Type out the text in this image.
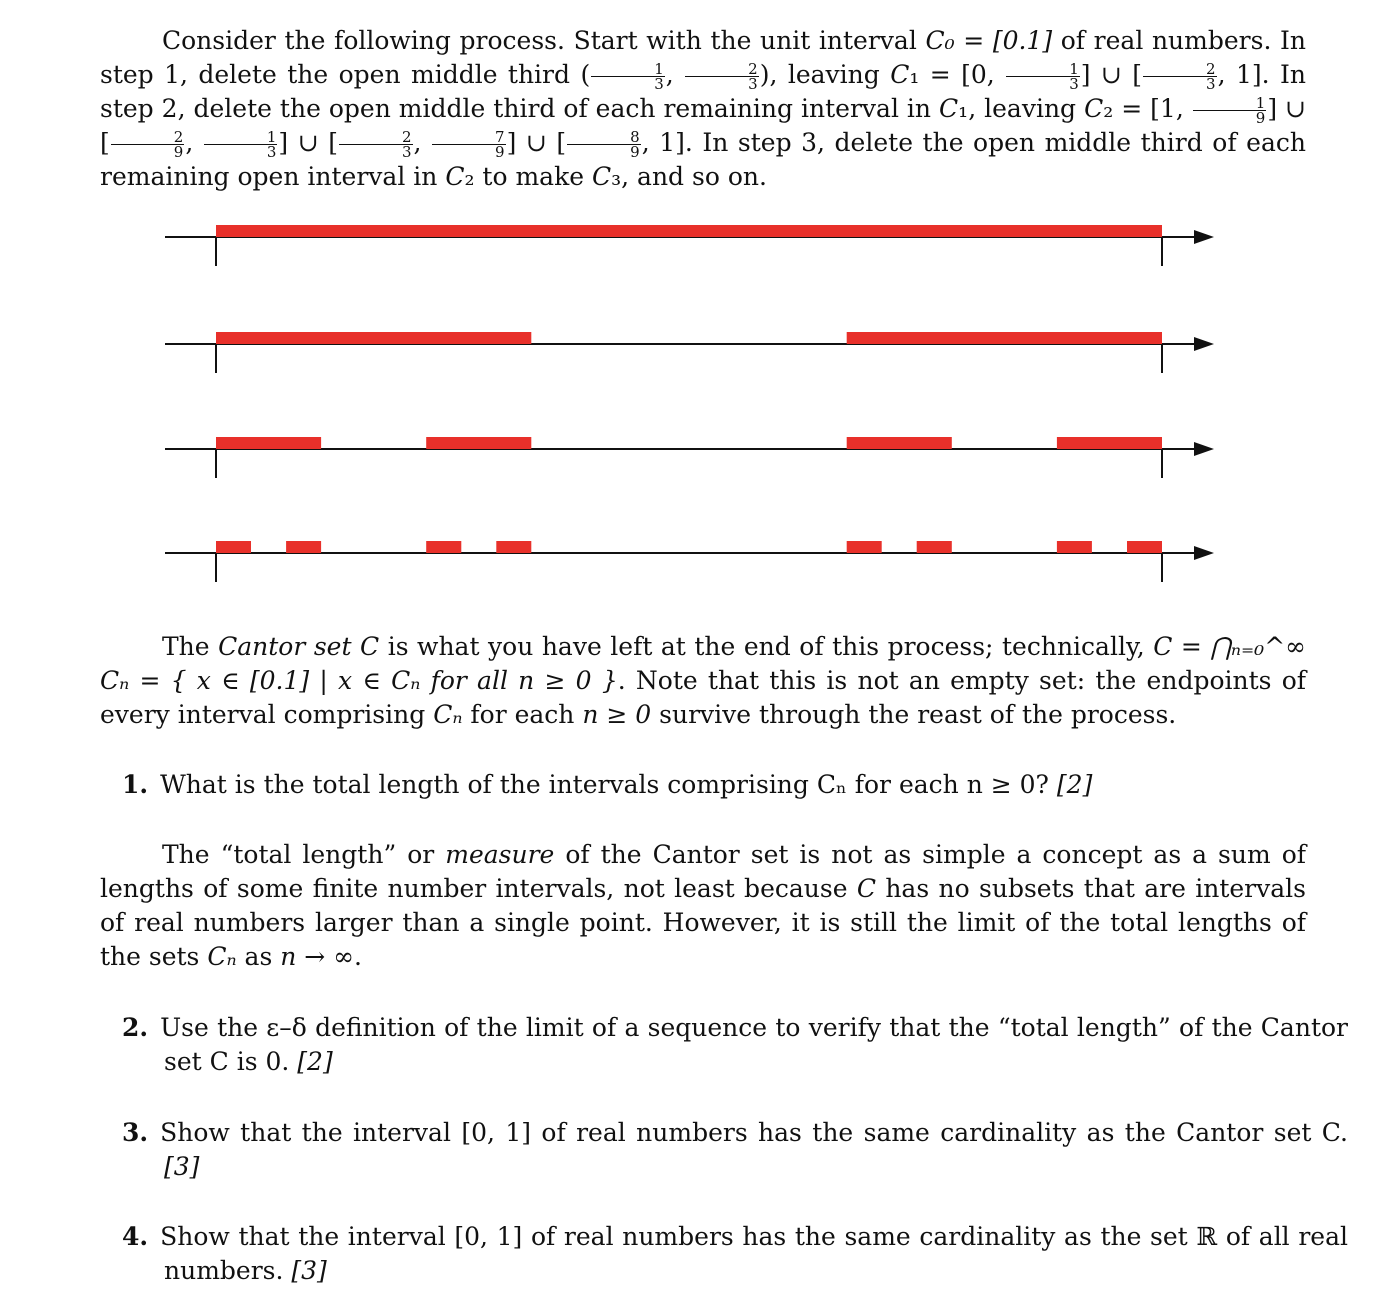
Consider the following process. Start with the unit interval C₀ = [0.1] of real numbers. In step 1, delete the open middle third ( $\frac{1}{3}$ , $\frac{2}{3}$ ), leaving C₁ = [0, $\frac{1}{3}$ ] ∪ [ $\frac{2}{3}$ , 1]. In step 2, delete the open middle third of each remaining interval in C₁, leaving C₂ = [1, $\frac{1}{9}$ ] ∪ [ $\frac{2}{9}$ , $\frac{1}{3}$ ] ∪ [ $\frac{2}{3}$ , $\frac{7}{9}$ ] ∪ [ $\frac{8}{9}$ , 1]. In step 3, delete the open middle third of each remaining open interval in C₂ to make C₃, and so on.
The Cantor set C is what you have left at the end of this process; technically, C = ⋂ₙ₌₀^∞ Cₙ = { x ∈ [0.1] | x ∈ Cₙ for all n ≥ 0 }. Note that this is not an empty set: the endpoints of every interval comprising Cₙ for each n ≥ 0 survive through the reast of the process.
1. What is the total length of the intervals comprising Cₙ for each n ≥ 0? [2]
The “total length” or measure of the Cantor set is not as simple a concept as a sum of lengths of some finite number intervals, not least because C has no subsets that are intervals of real numbers larger than a single point. However, it is still the limit of the total lengths of the sets Cₙ as n → ∞.
2. Use the ε–δ definition of the limit of a sequence to verify that the “total length” of the Cantor set C is 0. [2]
3. Show that the interval [0, 1] of real numbers has the same cardinality as the Cantor set C. [3]
4. Show that the interval [0, 1] of real numbers has the same cardinality as the set ℝ of all real numbers. [3]
